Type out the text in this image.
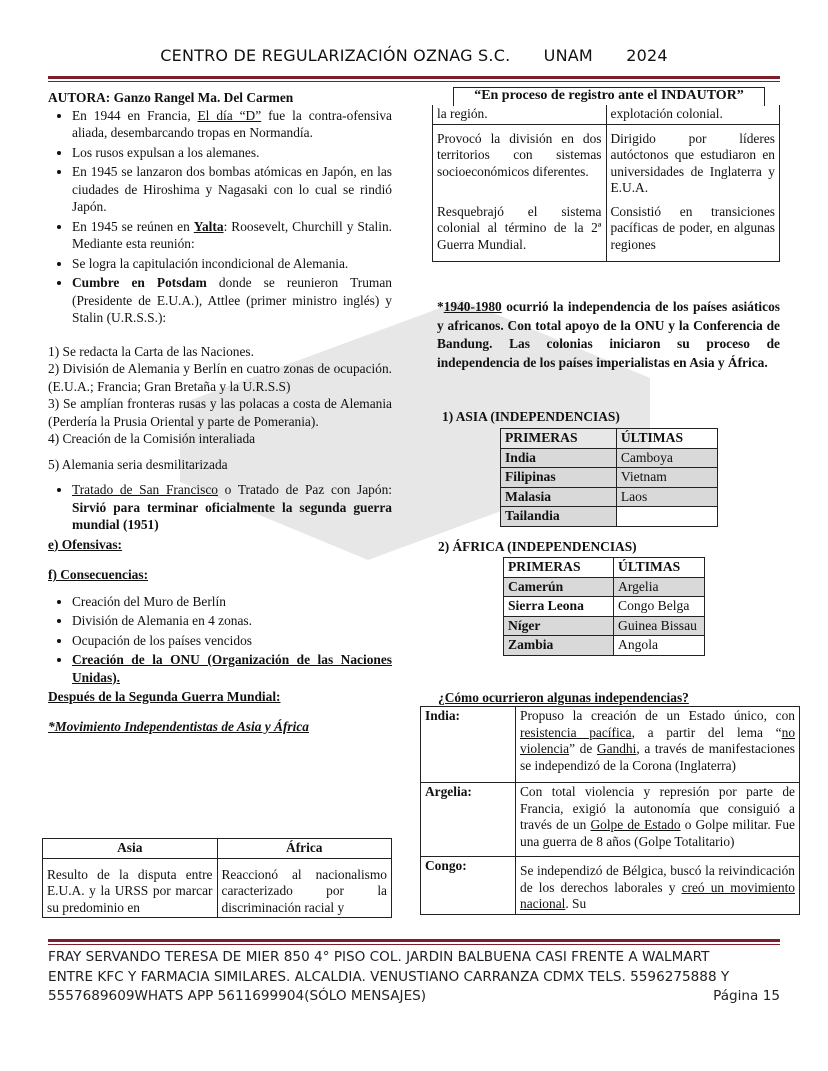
CENTRO DE REGULARIZACIÓN OZNAG S.C. UNAM 2024
AUTORA: Ganzo Rangel Ma. Del Carmen
• En 1944 en Francia, El día “D” fue la contra-ofensiva aliada, desembarcando tropas en Normandía.
• Los rusos expulsan a los alemanes.
• En 1945 se lanzaron dos bombas atómicas en Japón, en las ciudades de Hiroshima y Nagasaki con lo cual se rindió Japón.
• En 1945 se reúnen en Yalta: Roosevelt, Churchill y Stalin. Mediante esta reunión:
• Se logra la capitulación incondicional de Alemania.
• Cumbre en Potsdam donde se reunieron Truman (Presidente de E.U.A.), Attlee (primer ministro inglés) y Stalin (U.R.S.S.):

1) Se redacta la Carta de las Naciones.

2) División de Alemania y Berlín en cuatro zonas de ocupación. (E.U.A.; Francia; Gran Bretaña y la U.R.S.S)

3) Se amplían fronteras rusas y las polacas a costa de Alemania (Perdería la Prusia Oriental y parte de Pomerania).

4) Creación de la Comisión interaliada

5) Alemania seria desmilitarizada

• Tratado de San Francisco o Tratado de Paz con Japón: Sirvió para terminar oficialmente la segunda guerra mundial (1951)
e) Ofensivas:
f) Consecuencias:
• Creación del Muro de Berlín
• División de Alemania en 4 zonas.
• Ocupación de los países vencidos
• Creación de la ONU (Organización de las Naciones Unidas).
Después de la Segunda Guerra Mundial:
*Movimiento Independentistas de Asia y África
Asia	África
Resulto de la disputa entre E.U.A. y la URSS por marcar su predominio en	Reaccionó al nacionalismo caracterizado por la discriminación racial y
“En proceso de registro ante el INDAUTOR”
la región.	explotación colonial.
Provocó la división en dos territorios con sistemas socioeconómicos diferentes.	Dirigido por líderes autóctonos que estudiaron en universidades de Inglaterra y E.U.A.
Resquebrajó el sistema colonial al término de la 2ª Guerra Mundial.	Consistió en transiciones pacíficas de poder, en algunas regiones

*1940-1980 ocurrió la independencia de los países asiáticos y africanos. Con total apoyo de la ONU y la Conferencia de Bandung. Las colonias iniciaron su proceso de independencia de los países imperialistas en Asia y África.

1) ASIA (INDEPENDENCIAS)
PRIMERAS	ÚLTIMAS
India	Camboya
Filipinas	Vietnam
Malasia	Laos
Tailandia	
2) ÁFRICA (INDEPENDENCIAS)
PRIMERAS	ÚLTIMAS
Camerún	Argelia
Sierra Leona	Congo Belga
Níger	Guinea Bissau
Zambia	Angola
¿Cómo ocurrieron algunas independencias?
India:	Propuso la creación de un Estado único, con resistencia pacífica, a partir del lema “no violencia” de Gandhi, a través de manifestaciones se independizó de la Corona (Inglaterra)
Argelia:	Con total violencia y represión por parte de Francia, exigió la autonomía que consiguió a través de un Golpe de Estado o Golpe militar. Fue una guerra de 8 años (Golpe Totalitario)
Congo:	Se independizó de Bélgica, buscó la reivindicación de los derechos laborales y creó un movimiento nacional. Su
FRAY SERVANDO TERESA DE MIER 850 4° PISO COL. JARDIN BALBUENA CASI FRENTE A WALMART
ENTRE KFC Y FARMACIA SIMILARES. ALCALDIA. VENUSTIANO CARRANZA CDMX TELS. 5596275888 Y
5557689609WHATS APP 5611699904(SÓLO MENSAJES)	Página 15
